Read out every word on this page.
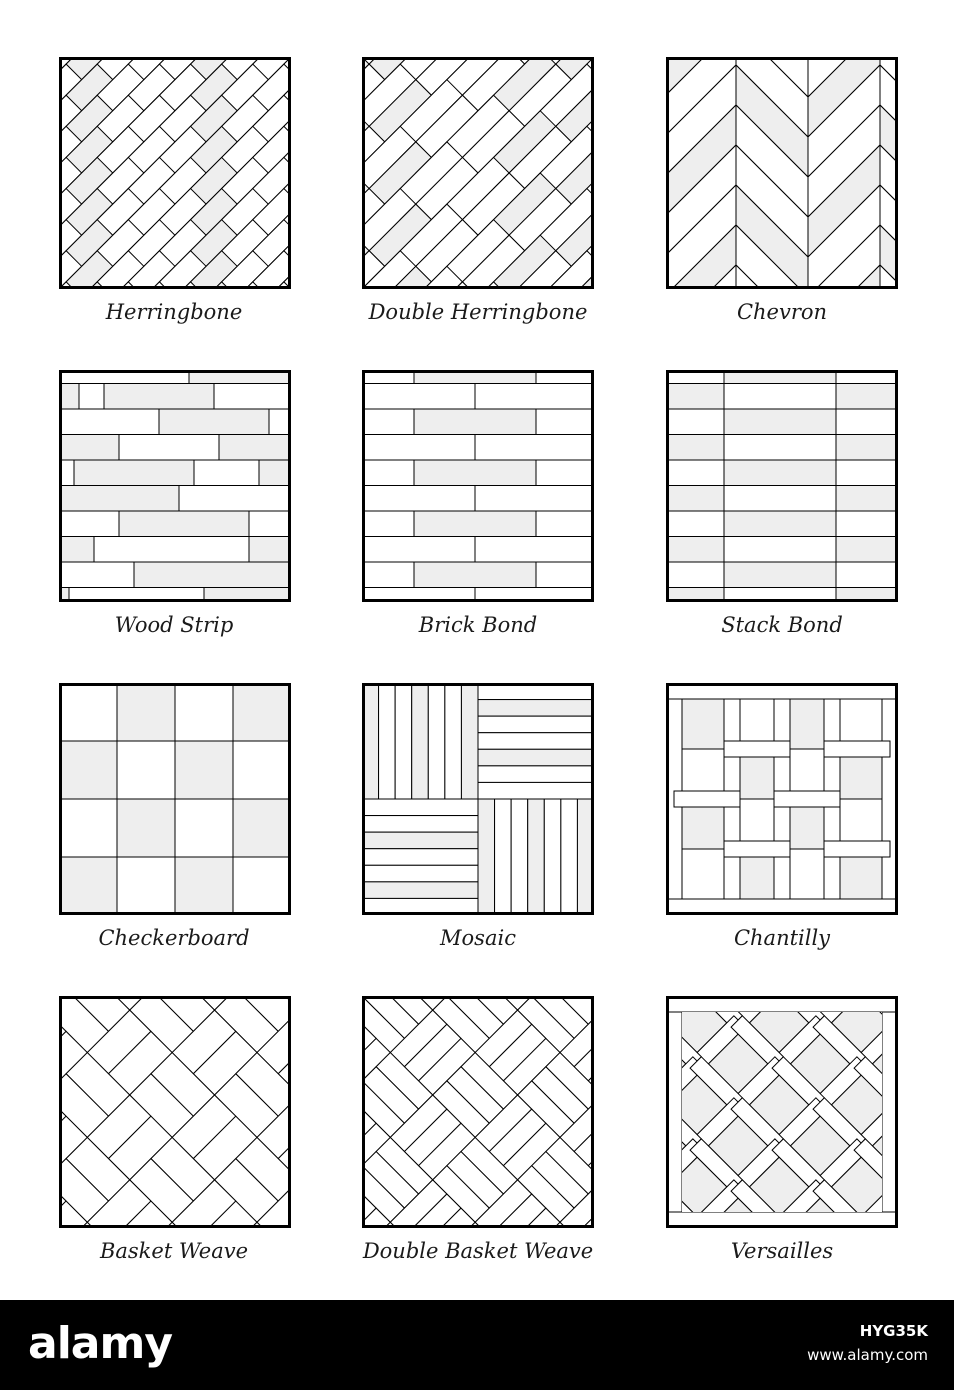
Herringbone	Double Herringbone	Chevron
Wood Strip	Brick Bond	Stack Bond
Checkerboard	Mosaic	Chantilly
Basket Weave	Double Basket Weave	Versailles
alamy	HYG35K
www.alamy.com
